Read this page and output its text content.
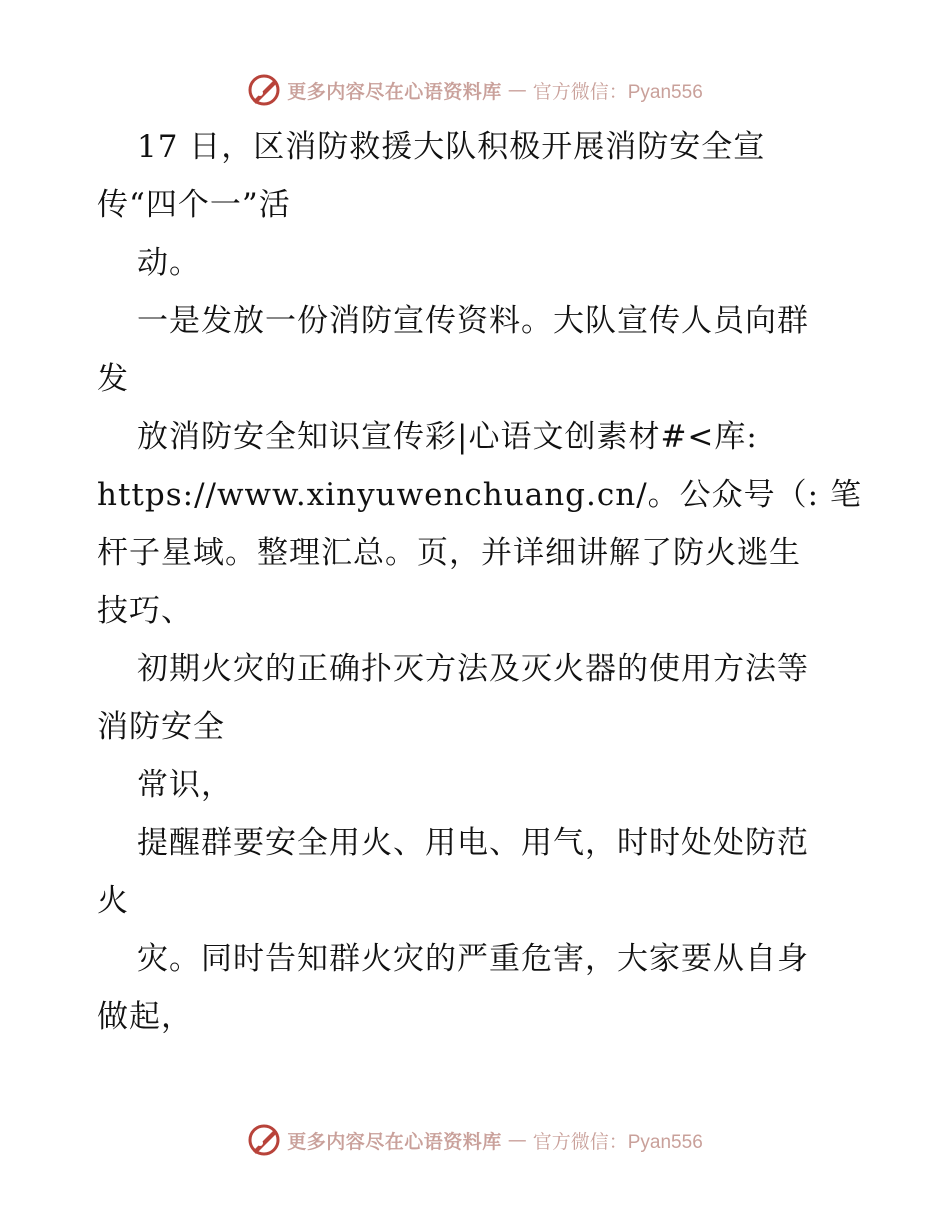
更多内容尽在心语资料库 — 官方微信：Pyan556
17 日，区消防救援大队积极开展消防安全宣
传“四个一”活
动。
一是发放一份消防宣传资料。大队宣传人员向群
发
放消防安全知识宣传彩|心语文创素材#<库:
https://www.xinyuwenchuang.cn/。公众号（: 笔
杆子星域。整理汇总。页，并详细讲解了防火逃生
技巧、
初期火灾的正确扑灭方法及灭火器的使用方法等
消防安全
常识，
提醒群要安全用火、用电、用气，时时处处防范
火
灾。同时告知群火灾的严重危害，大家要从自身
做起，
更多内容尽在心语资料库 — 官方微信：Pyan556
